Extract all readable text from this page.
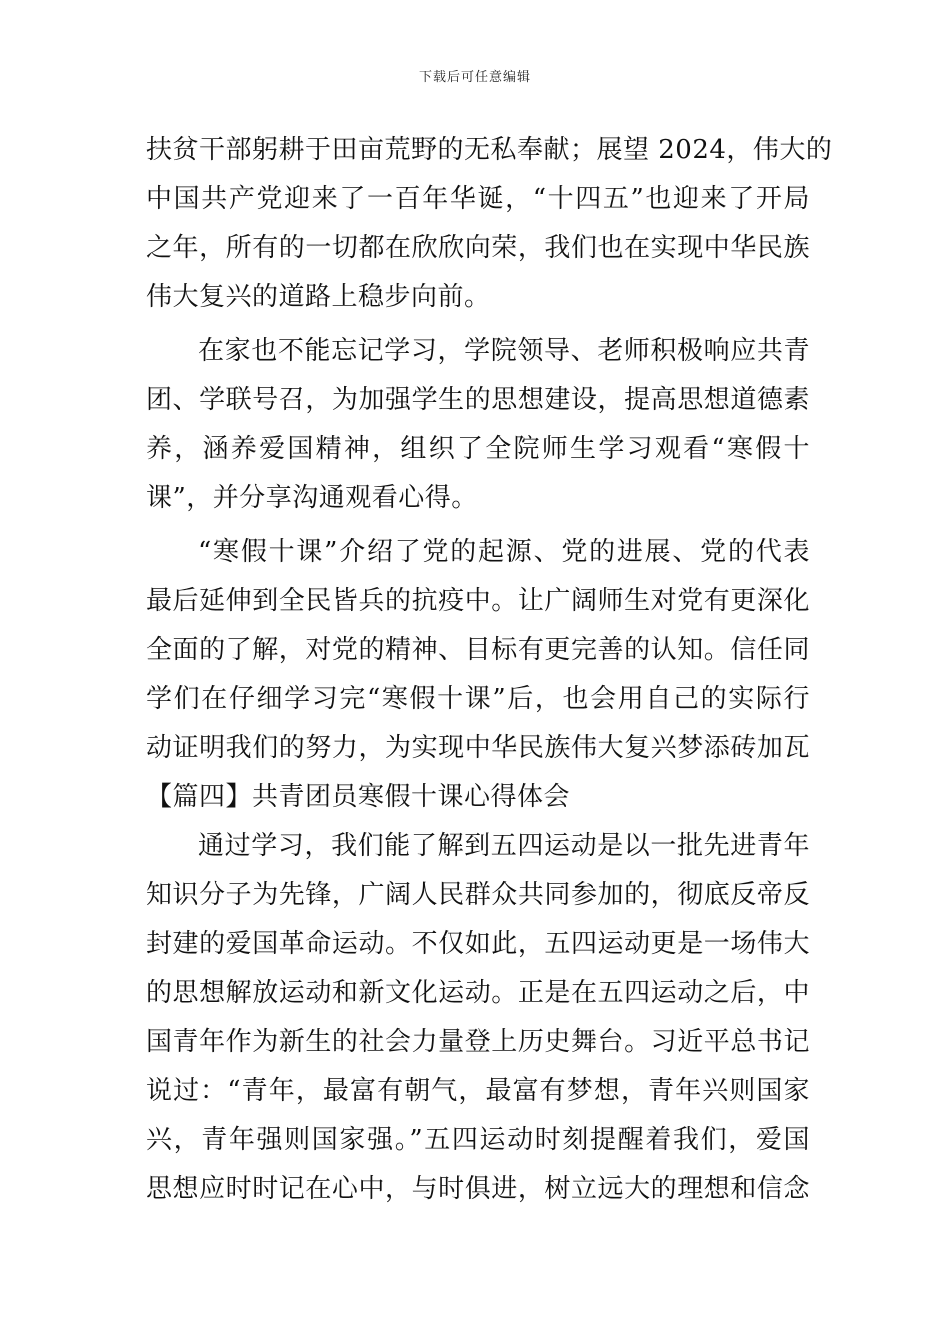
下载后可任意编辑
扶贫干部躬耕于田亩荒野的无私奉献；展望 2024，伟大的
中国共产党迎来了一百年华诞，“十四五”也迎来了开局
之年，所有的一切都在欣欣向荣，我们也在实现中华民族
伟大复兴的道路上稳步向前。
在家也不能忘记学习，学院领导、老师积极响应共青
团、学联号召，为加强学生的思想建设，提高思想道德素
养，涵养爱国精神，组织了全院师生学习观看“寒假十
课”，并分享沟通观看心得。
“寒假十课”介绍了党的起源、党的进展、党的代表
最后延伸到全民皆兵的抗疫中。让广阔师生对党有更深化
全面的了解，对党的精神、目标有更完善的认知。信任同
学们在仔细学习完“寒假十课”后，也会用自己的实际行
动证明我们的努力，为实现中华民族伟大复兴梦添砖加瓦
【篇四】共青团员寒假十课心得体会
通过学习，我们能了解到五四运动是以一批先进青年
知识分子为先锋，广阔人民群众共同参加的，彻底反帝反
封建的爱国革命运动。不仅如此，五四运动更是一场伟大
的思想解放运动和新文化运动。正是在五四运动之后，中
国青年作为新生的社会力量登上历史舞台。习近平总书记
说过：“青年，最富有朝气，最富有梦想，青年兴则国家
兴，青年强则国家强。”五四运动时刻提醒着我们，爱国
思想应时时记在心中，与时俱进，树立远大的理想和信念
